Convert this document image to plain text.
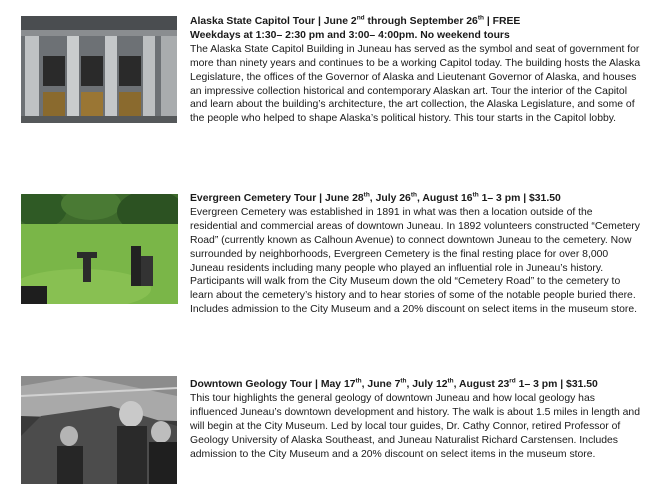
Alaska State Capitol Tour | June 2nd through September 26th | FREE

Weekdays at 1:30– 2:30 pm and 3:00– 4:00pm. No weekend tours

The Alaska State Capitol Building in Juneau has served as the symbol and seat of government for more than ninety years and continues to be a working Capitol today. The building hosts the Alaska Legislature, the offices of the Governor of Alaska and Lieutenant Governor of Alaska, and houses an impressive collection historical and contemporary Alaskan art. Tour the interior of the Capitol and learn about the building’s architecture, the art collection, the Alaska Legislature, and some of the people who helped to shape Alaska’s political history. This tour starts in the Capitol lobby.

Evergreen Cemetery Tour | June 28th, July 26th, August 16th 1– 3 pm | $31.50

Evergreen Cemetery was established in 1891 in what was then a location outside of the residential and commercial areas of downtown Juneau. In 1892 volunteers constructed “Cemetery Road” (currently known as Calhoun Avenue) to connect downtown Juneau to the cemetery. Now surrounded by neighborhoods, Evergreen Cemetery is the final resting place for over 8,000 Juneau residents including many people who played an influential role in Juneau’s history. Participants will walk from the City Museum down the old “Cemetery Road” to the cemetery to learn about the cemetery’s history and to hear stories of some of the notable people buried there. Includes admission to the City Museum and a 20% discount on select items in the museum store.

Downtown Geology Tour | May 17th, June 7th, July 12th, August 23rd 1– 3 pm | $31.50

This tour highlights the general geology of downtown Juneau and how local geology has influenced Juneau’s downtown development and history. The walk is about 1.5 miles in length and will begin at the City Museum. Led by local tour guides, Dr. Cathy Connor, retired Professor of Geology University of Alaska Southeast, and Juneau Naturalist Richard Carstensen. Includes admission to the City Museum and a 20% discount on select items in the museum store.
